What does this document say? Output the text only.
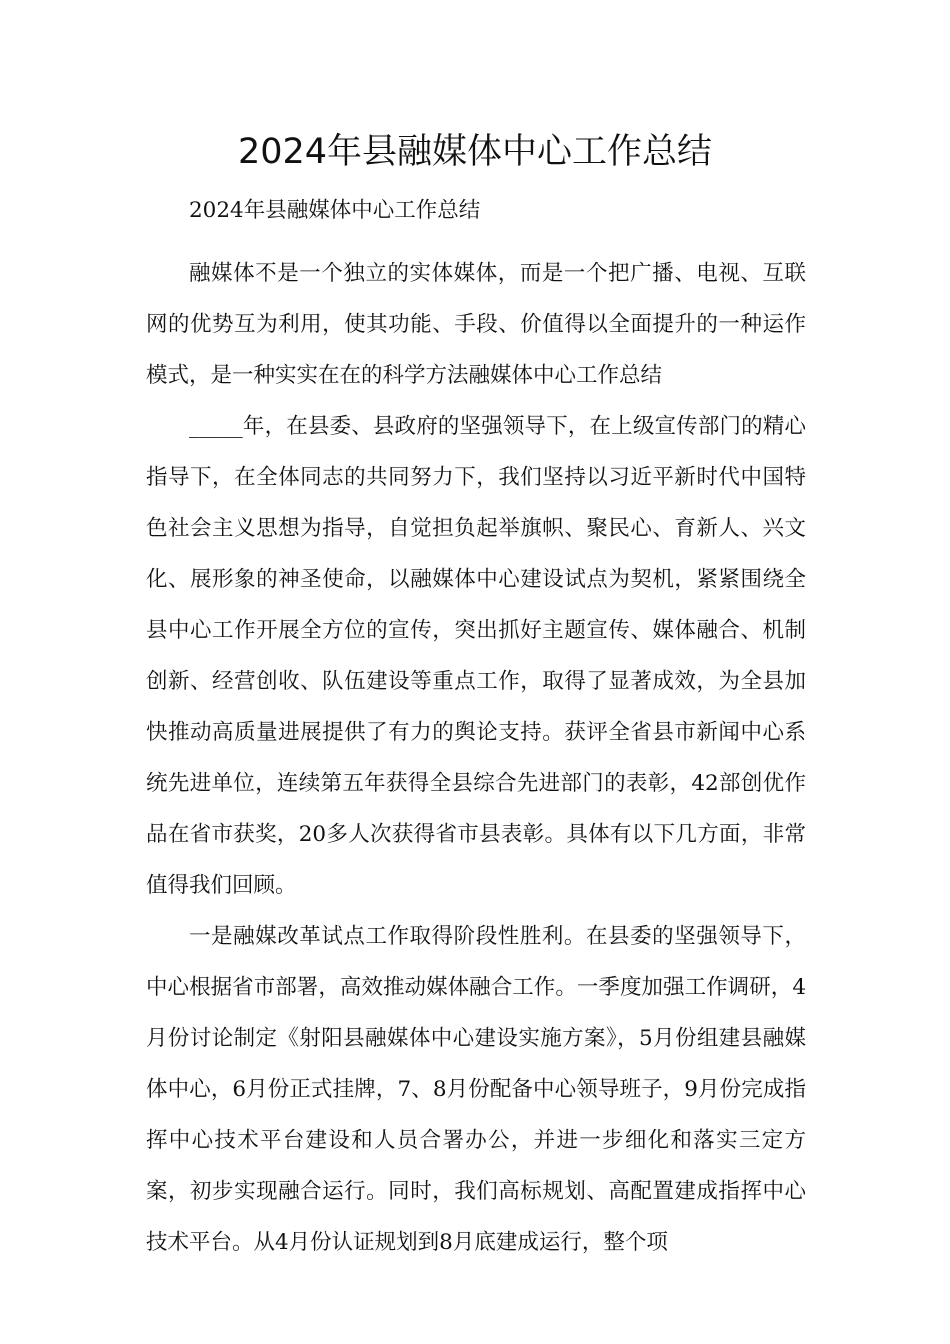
2024年县融媒体中心工作总结

2024年县融媒体中心工作总结

融媒体不是一个独立的实体媒体，而是一个把广播、电视、互联网的优势互为利用，使其功能、手段、价值得以全面提升的一种运作模式，是一种实实在在的科学方法融媒体中心工作总结

_____年，在县委、县政府的坚强领导下，在上级宣传部门的精心指导下，在全体同志的共同努力下，我们坚持以习近平新时代中国特色社会主义思想为指导，自觉担负起举旗帜、聚民心、育新人、兴文化、展形象的神圣使命，以融媒体中心建设试点为契机，紧紧围绕全县中心工作开展全方位的宣传，突出抓好主题宣传、媒体融合、机制创新、经营创收、队伍建设等重点工作，取得了显著成效，为全县加快推动高质量进展提供了有力的舆论支持。获评全省县市新闻中心系统先进单位，连续第五年获得全县综合先进部门的表彰，42部创优作品在省市获奖，20多人次获得省市县表彰。具体有以下几方面，非常值得我们回顾。

一是融媒改革试点工作取得阶段性胜利。在县委的坚强领导下，中心根据省市部署，高效推动媒体融合工作。一季度加强工作调研，4月份讨论制定《射阳县融媒体中心建设实施方案》，5月份组建县融媒体中心，6月份正式挂牌，7、8月份配备中心领导班子，9月份完成指挥中心技术平台建设和人员合署办公，并进一步细化和落实三定方案，初步实现融合运行。同时，我们高标规划、高配置建成指挥中心技术平台。从4月份认证规划到8月底建成运行，整个项
